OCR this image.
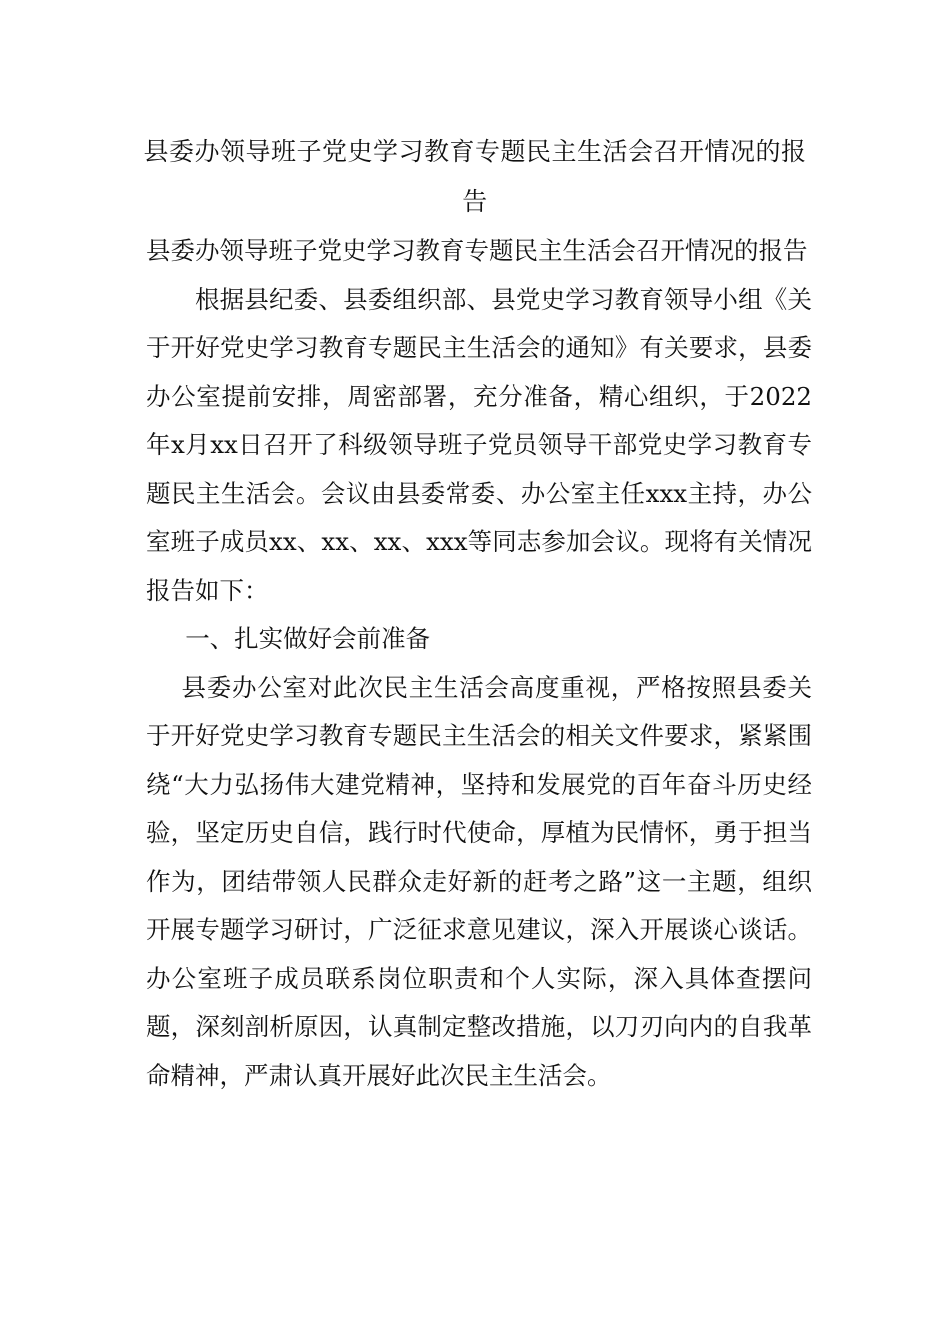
县委办领导班子党史学习教育专题民主生活会召开情况的报告

县委办领导班子党史学习教育专题民主生活会召开情况的报告

根据县纪委、县委组织部、县党史学习教育领导小组《关于开好党史学习教育专题民主生活会的通知》有关要求，县委办公室提前安排，周密部署，充分准备，精心组织，于2022年x月xx日召开了科级领导班子党员领导干部党史学习教育专题民主生活会。会议由县委常委、办公室主任xxx主持，办公室班子成员xx、xx、xx、xxx等同志参加会议。现将有关情况报告如下：

一、扎实做好会前准备

县委办公室对此次民主生活会高度重视，严格按照县委关于开好党史学习教育专题民主生活会的相关文件要求，紧紧围绕“大力弘扬伟大建党精神，坚持和发展党的百年奋斗历史经验，坚定历史自信，践行时代使命，厚植为民情怀，勇于担当作为，团结带领人民群众走好新的赶考之路”这一主题，组织开展专题学习研讨，广泛征求意见建议，深入开展谈心谈话。办公室班子成员联系岗位职责和个人实际，深入具体查摆问题，深刻剖析原因，认真制定整改措施，以刀刃向内的自我革命精神，严肃认真开展好此次民主生活会。
